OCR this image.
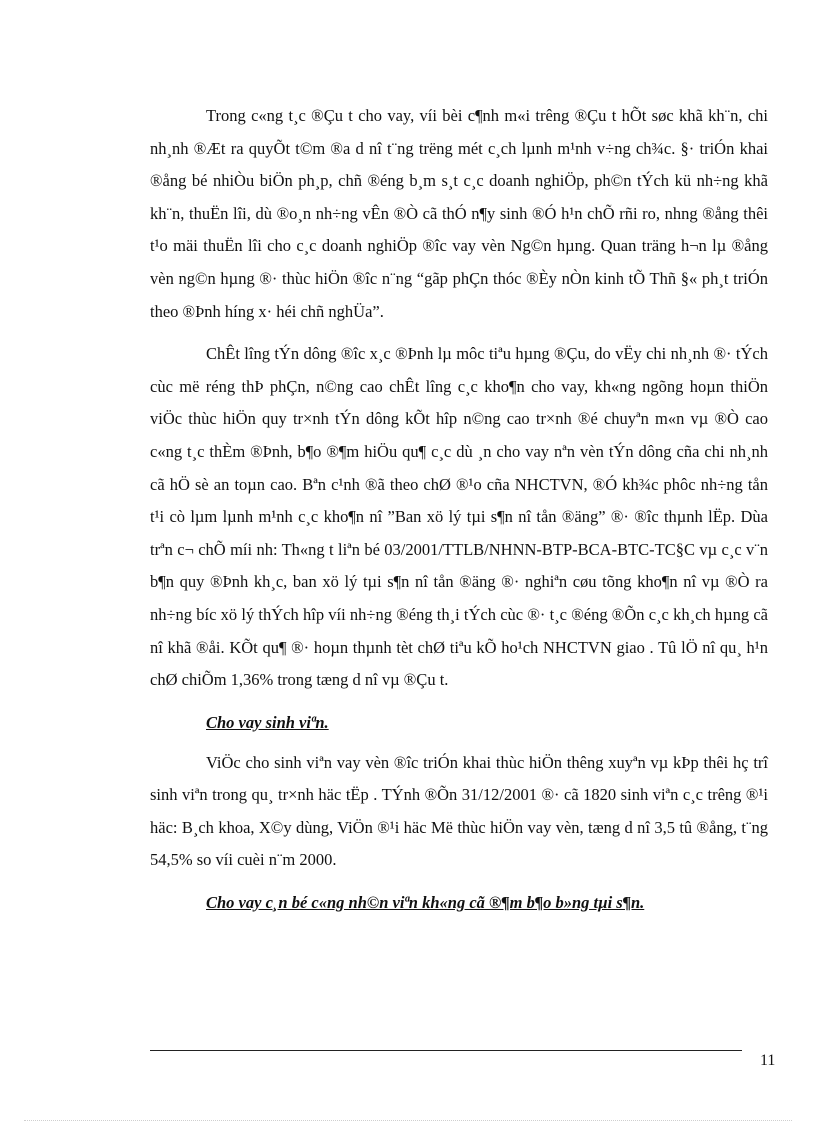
Trong c«ng t¸c ®Çu t cho vay, víi bèi c¶nh m«i trêng ®Çu t hÕt søc khã kh¨n, chi nh¸nh ®Æt ra quyÕt t©m ®a d nî t¨ng trëng mét c¸ch lµnh m¹nh v÷ng ch¾c. §· triÓn khai ®ång bé nhiÒu biÖn ph¸p, chñ ®éng b¸m s¸t c¸c doanh nghiÖp, ph©n tÝch kü nh÷ng khã kh¨n, thuËn lîi, dù ®o¸n nh÷ng vÊn ®Ò cã thÓ n¶y sinh ®Ó h¹n chÕ rñi ro, nhng ®ång thêi t¹o mäi thuËn lîi cho c¸c doanh nghiÖp ®îc vay vèn Ng©n hµng. Quan träng h¬n lµ ®ång vèn ng©n hµng ®· thùc hiÖn ®îc n¨ng “gãp phÇn thóc ®Èy nÒn kinh tÕ Thñ §« ph¸t triÓn theo ®Þnh híng x· héi chñ nghÜa”.

ChÊt lîng tÝn dông ®îc x¸c ®Þnh lµ môc tiªu hµng ®Çu, do vËy chi nh¸nh ®· tÝch cùc më réng thÞ phÇn, n©ng cao chÊt lîng c¸c kho¶n cho vay, kh«ng ngõng hoµn thiÖn viÖc thùc hiÖn quy tr×nh tÝn dông kÕt hîp n©ng cao tr×nh ®é chuyªn m«n vµ ®Ò cao c«ng t¸c thÈm ®Þnh, b¶o ®¶m hiÖu qu¶ c¸c dù ¸n cho vay nªn vèn tÝn dông cña chi nh¸nh cã hÖ sè an toµn cao. Bªn c¹nh ®ã theo chØ ®¹o cña NHCTVN, ®Ó kh¾c phôc nh÷ng tån t¹i cò lµm lµnh m¹nh c¸c kho¶n nî ”Ban xö lý tµi s¶n nî tån ®äng” ®· ®îc thµnh lËp. Dùa trªn c¬ chÕ míi nh: Th«ng t liªn bé 03/2001/TTLB/NHNN-BTP-BCA-BTC-TC§C vµ c¸c v¨n b¶n quy ®Þnh kh¸c, ban xö lý tµi s¶n nî tån ®äng ®· nghiªn cøu tõng kho¶n nî vµ ®Ò ra nh÷ng bíc xö lý thÝch hîp víi nh÷ng ®éng th¸i tÝch cùc ®· t¸c ®éng ®Õn c¸c kh¸ch hµng cã nî khã ®åi. KÕt qu¶ ®· hoµn thµnh tèt chØ tiªu kÕ ho¹ch NHCTVN giao . Tû lÖ nî qu¸ h¹n chØ chiÕm 1,36% trong tæng d nî vµ ®Çu t.

Cho vay sinh viªn.

ViÖc cho sinh viªn vay vèn ®îc triÓn khai thùc hiÖn thêng xuyªn vµ kÞp thêi hç trî sinh viªn trong qu¸ tr×nh häc tËp . TÝnh ®Õn 31/12/2001 ®· cã 1820 sinh viªn c¸c trêng ®¹i häc: B¸ch khoa, X©y dùng, ViÖn ®¹i häc Më thùc hiÖn vay vèn, tæng d nî 3,5 tû ®ång, t¨ng 54,5% so víi cuèi n¨m 2000.

Cho vay c¸n bé c«ng nh©n viªn kh«ng cã ®¶m b¶o b»ng tµi s¶n.

11
